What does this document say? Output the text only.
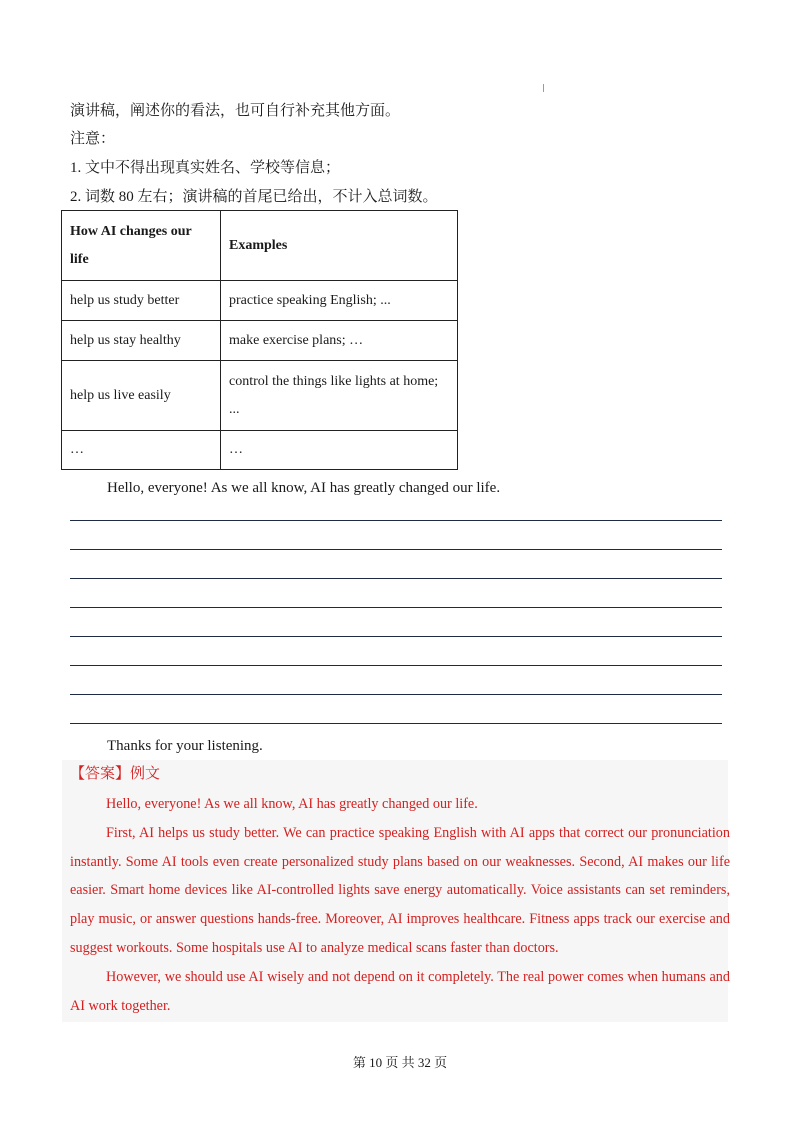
演讲稿，阐述你的看法，也可自行补充其他方面。
注意：
1. 文中不得出现真实姓名、学校等信息；
2. 词数 80 左右；演讲稿的首尾已给出，不计入总词数。
How AI changes our life	Examples
help us study better	practice speaking English; ...
help us stay healthy	make exercise plans; …
help us live easily	control the things like lights at home; ...
…	…
Hello, everyone! As we all know, AI has greatly changed our life.
Thanks for your listening.
【答案】例文

Hello, everyone! As we all know, AI has greatly changed our life.

First, AI helps us study better. We can practice speaking English with AI apps that correct our pronunciation instantly. Some AI tools even create personalized study plans based on our weaknesses. Second, AI makes our life easier. Smart home devices like AI-controlled lights save energy automatically. Voice assistants can set reminders, play music, or answer questions hands-free. Moreover, AI improves healthcare. Fitness apps track our exercise and suggest workouts. Some hospitals use AI to analyze medical scans faster than doctors.

However, we should use AI wisely and not depend on it completely. The real power comes when humans and AI work together.

第 10 页 共 32 页
